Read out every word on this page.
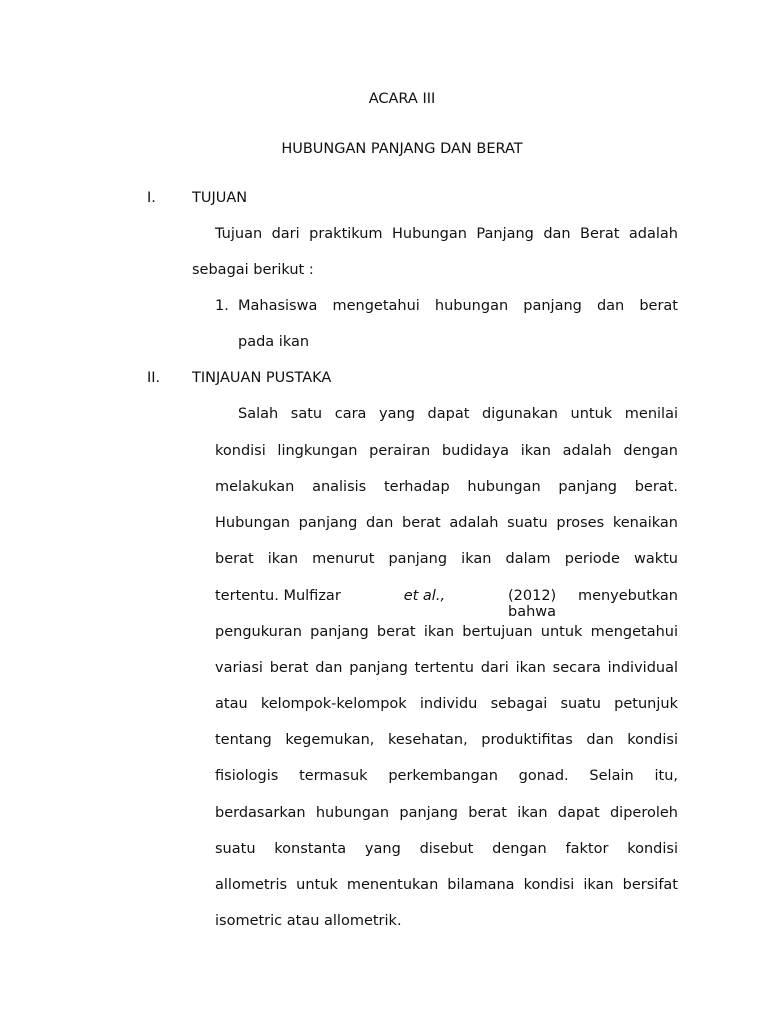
ACARA III
HUBUNGAN PANJANG DAN BERAT
I. TUJUAN
Tujuan dari praktikum Hubungan Panjang dan Berat adalah
sebagai berikut :
1. Mahasiswa mengetahui hubungan panjang dan berat
pada ikan
II. TINJAUAN PUSTAKA
Salah satu cara yang dapat digunakan untuk menilai
kondisi lingkungan perairan budidaya ikan adalah dengan
melakukan analisis terhadap hubungan panjang berat.
Hubungan panjang dan berat adalah suatu proses kenaikan
berat ikan menurut panjang ikan dalam periode waktu
tertentu. Mulfizar	et al.,	(2012) menyebutkan bahwa
pengukuran panjang berat ikan bertujuan untuk mengetahui
variasi berat dan panjang tertentu dari ikan secara individual
atau kelompok-kelompok individu sebagai suatu petunjuk
tentang kegemukan, kesehatan, produktifitas dan kondisi
fisiologis termasuk perkembangan gonad. Selain itu,
berdasarkan hubungan panjang berat ikan dapat diperoleh
suatu konstanta yang disebut dengan faktor kondisi
allometris untuk menentukan bilamana kondisi ikan bersifat
isometric atau allometrik.
